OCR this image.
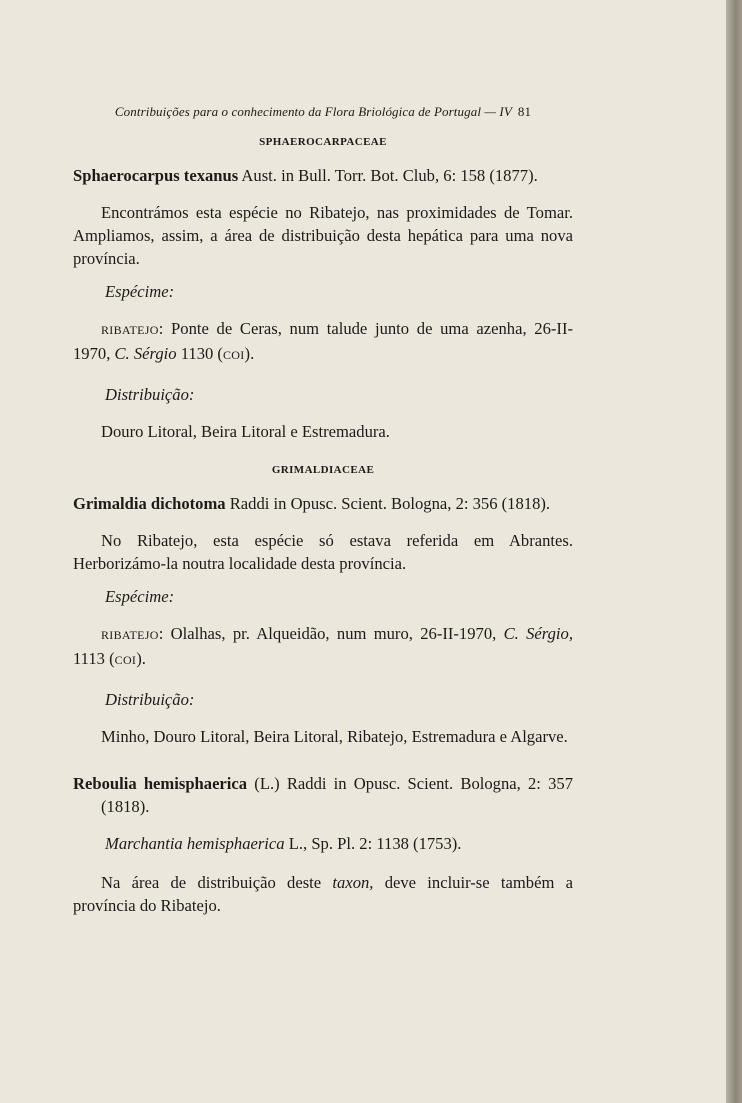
Contribuições para o conhecimento da Flora Briológica de Portugal — IV 81
SPHAEROCARPACEAE

Sphaerocarpus texanus Aust. in Bull. Torr. Bot. Club, 6: 158 (1877).

Encontrámos esta espécie no Ribatejo, nas proximidades de Tomar. Ampliamos, assim, a área de distribuição desta hepática para uma nova província.

Espécime:

RIBATEJO: Ponte de Ceras, num talude junto de uma azenha, 26-II-1970, C. Sérgio 1130 (COI).

Distribuição:

Douro Litoral, Beira Litoral e Estremadura.

GRIMALDIACEAE

Grimaldia dichotoma Raddi in Opusc. Scient. Bologna, 2: 356 (1818).

No Ribatejo, esta espécie só estava referida em Abrantes. Herborizámo-la noutra localidade desta província.

Espécime:

RIBATEJO: Olalhas, pr. Alqueidão, num muro, 26-II-1970, C. Sérgio, 1113 (COI).

Distribuição:

Minho, Douro Litoral, Beira Litoral, Ribatejo, Estremadura e Algarve.

Reboulia hemisphaerica (L.) Raddi in Opusc. Scient. Bologna, 2: 357 (1818).

Marchantia hemisphaerica L., Sp. Pl. 2: 1138 (1753).

Na área de distribuição deste taxon, deve incluir-se também a província do Ribatejo.
